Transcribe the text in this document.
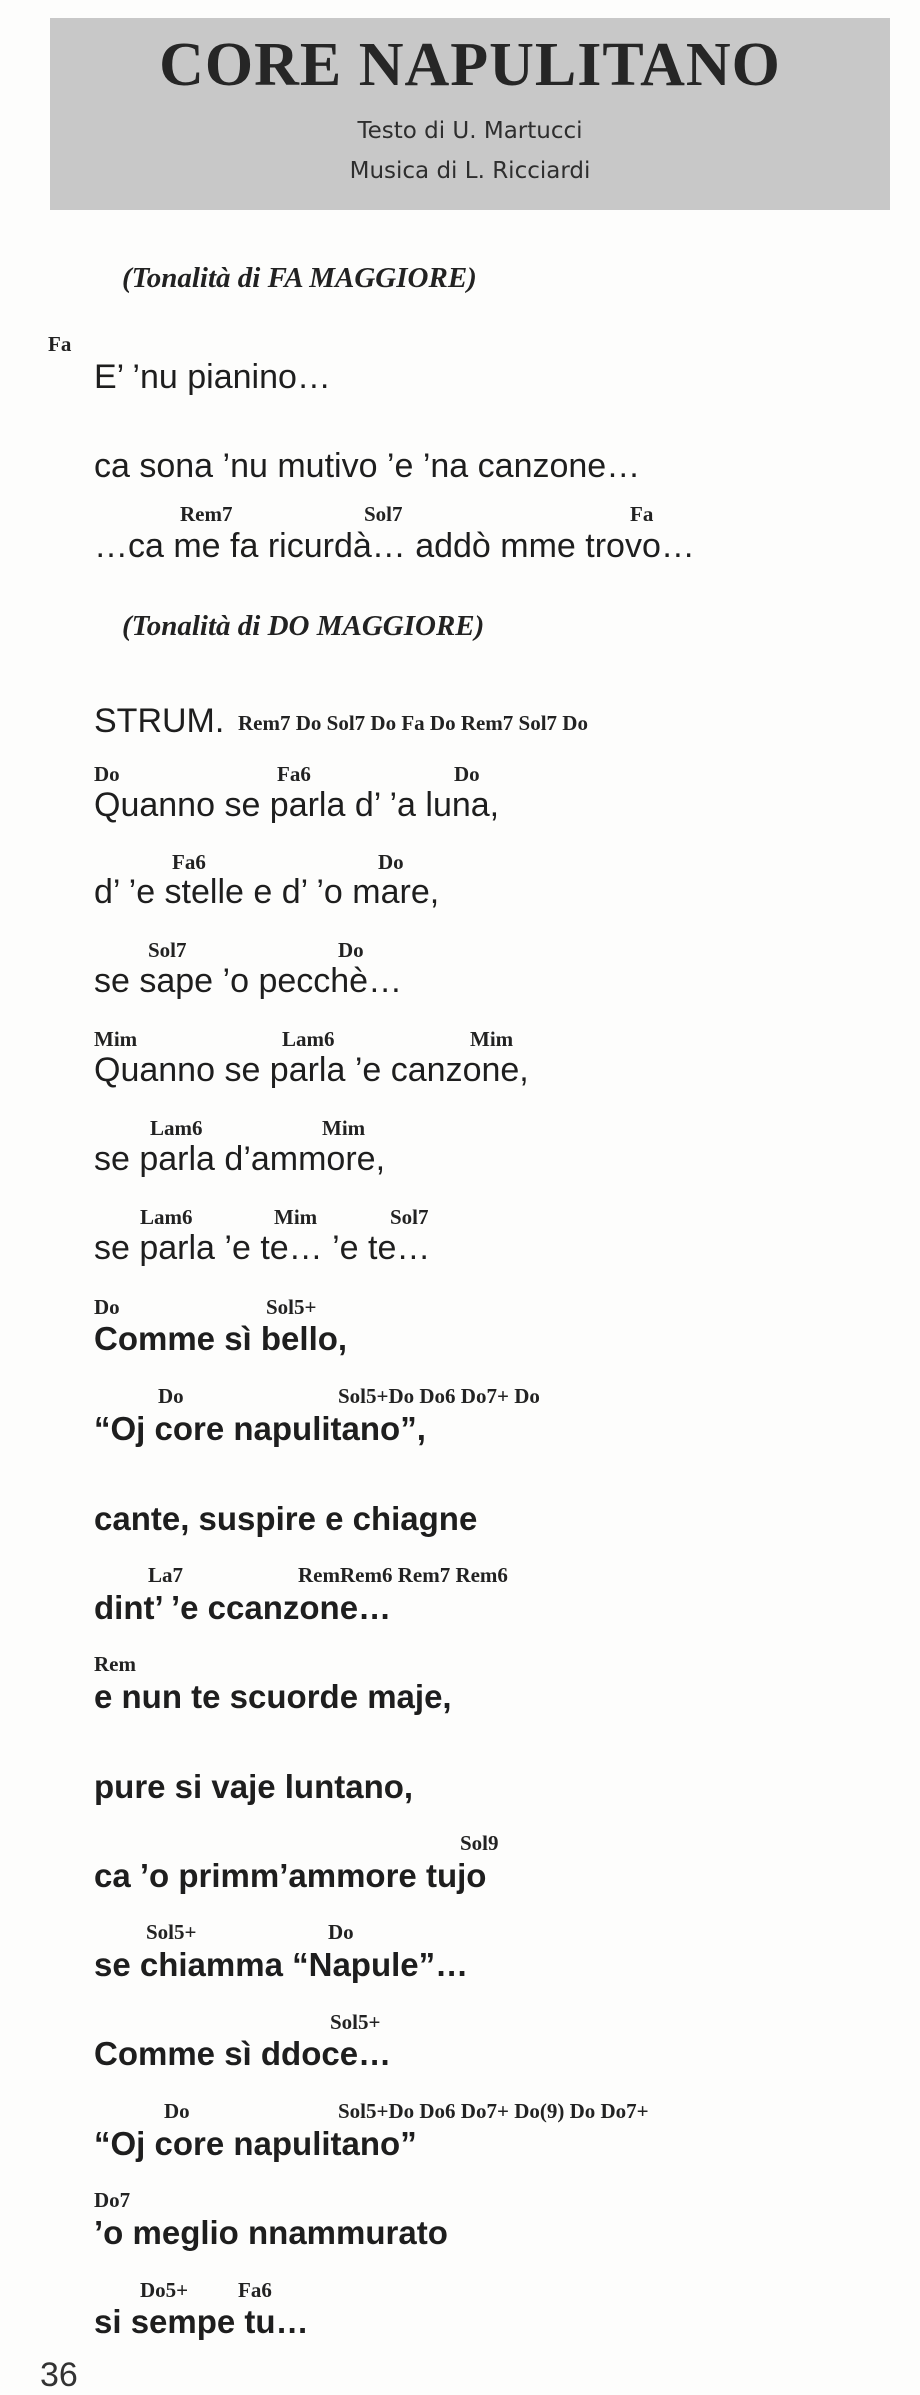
CORE NAPULITANO
Testo di U. Martucci
Musica di L. Ricciardi
(Tonalità di FA MAGGIORE)
Fa
E’ ’nu pianino…
ca sona ’nu mutivo ’e ’na canzone…
Rem7	Sol7	Fa
…ca me fa ricurdà… addò mme trovo…
(Tonalità di DO MAGGIORE)
STRUM. Rem7 Do Sol7 Do Fa Do Rem7 Sol7 Do
Do	Fa6	Do
Quanno se parla d’ ’a luna,
Fa6	Do
d’ ’e stelle e d’ ’o mare,
Sol7	Do
se sape ’o pecchè…
Mim	Lam6	Mim
Quanno se parla ’e canzone,
Lam6	Mim
se parla d’ammore,
Lam6	Mim	Sol7
se parla ’e te… ’e te…
Do	Sol5+
Comme sì bello,
Do	Sol5+Do Do6 Do7+ Do
“Oj core napulitano”,
cante, suspire e chiagne
La7	RemRem6 Rem7 Rem6
dint’ ’e ccanzone…
Rem
e nun te scuorde maje,
pure si vaje luntano,
Sol9
ca ’o primm’ammore tujo
Sol5+	Do
se chiamma “Napule”…
Sol5+
Comme sì ddoce…
Do	Sol5+Do Do6 Do7+ Do(9) Do Do7+
“Oj core napulitano”
Do7
’o meglio nnammurato
Do5+ Fa6
si sempe tu…
36
